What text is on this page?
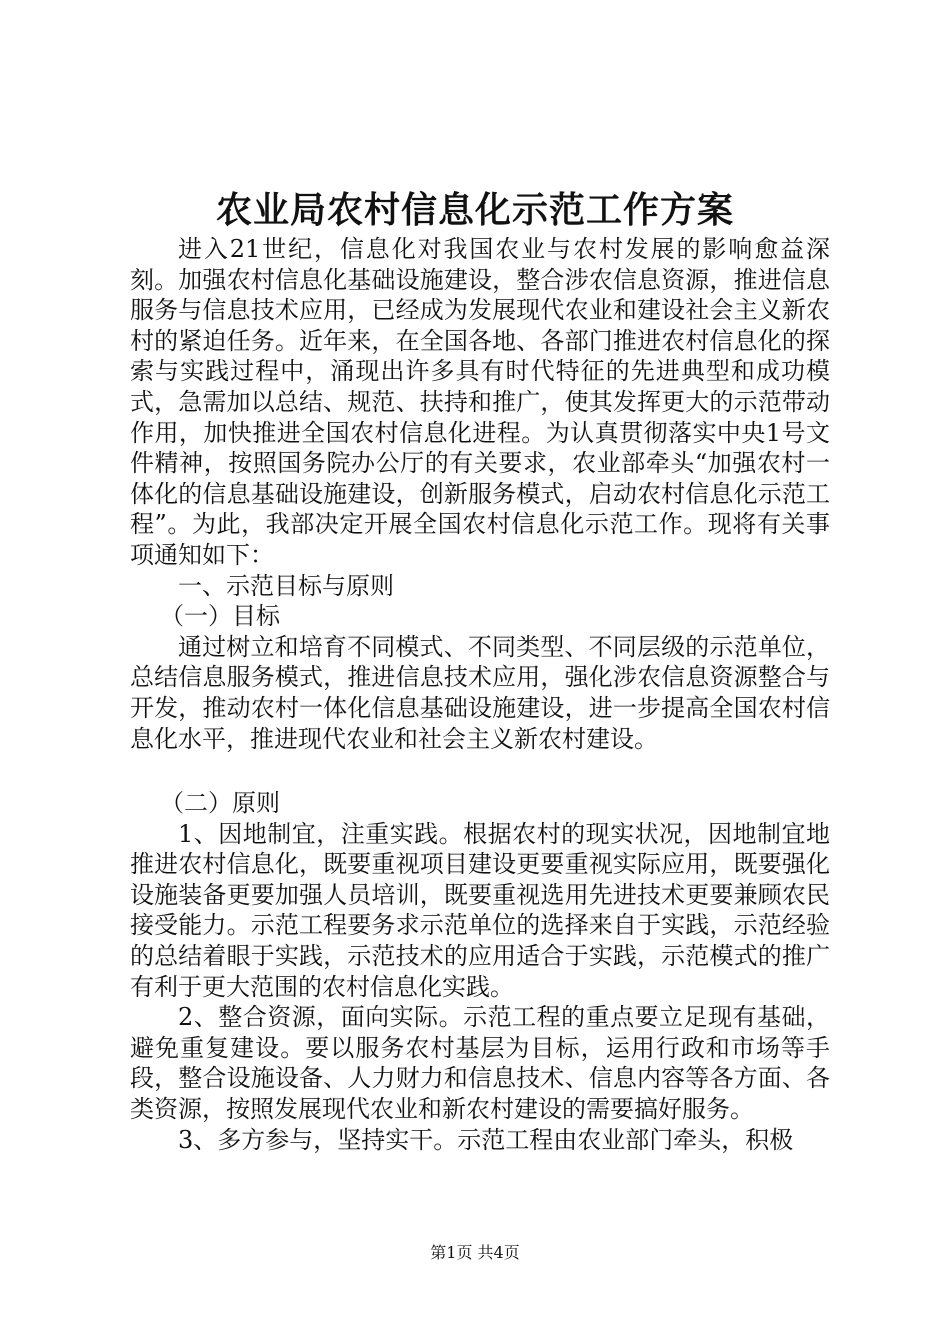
农业局农村信息化示范工作方案

进入21世纪，信息化对我国农业与农村发展的影响愈益深刻。加强农村信息化基础设施建设，整合涉农信息资源，推进信息服务与信息技术应用，已经成为发展现代农业和建设社会主义新农村的紧迫任务。近年来，在全国各地、各部门推进农村信息化的探索与实践过程中，涌现出许多具有时代特征的先进典型和成功模式，急需加以总结、规范、扶持和推广，使其发挥更大的示范带动作用，加快推进全国农村信息化进程。为认真贯彻落实中央1号文件精神，按照国务院办公厅的有关要求，农业部牵头“加强农村一体化的信息基础设施建设，创新服务模式，启动农村信息化示范工程”。为此，我部决定开展全国农村信息化示范工作。现将有关事项通知如下：

一、示范目标与原则

（一）目标

通过树立和培育不同模式、不同类型、不同层级的示范单位，总结信息服务模式，推进信息技术应用，强化涉农信息资源整合与开发，推动农村一体化信息基础设施建设，进一步提高全国农村信息化水平，推进现代农业和社会主义新农村建设。

（二）原则

1、因地制宜，注重实践。根据农村的现实状况，因地制宜地推进农村信息化，既要重视项目建设更要重视实际应用，既要强化设施装备更要加强人员培训，既要重视选用先进技术更要兼顾农民接受能力。示范工程要务求示范单位的选择来自于实践，示范经验的总结着眼于实践，示范技术的应用适合于实践，示范模式的推广有利于更大范围的农村信息化实践。

2、整合资源，面向实际。示范工程的重点要立足现有基础，避免重复建设。要以服务农村基层为目标，运用行政和市场等手段，整合设施设备、人力财力和信息技术、信息内容等各方面、各类资源，按照发展现代农业和新农村建设的需要搞好服务。

3、多方参与，坚持实干。示范工程由农业部门牵头，积极

第1页 共4页
